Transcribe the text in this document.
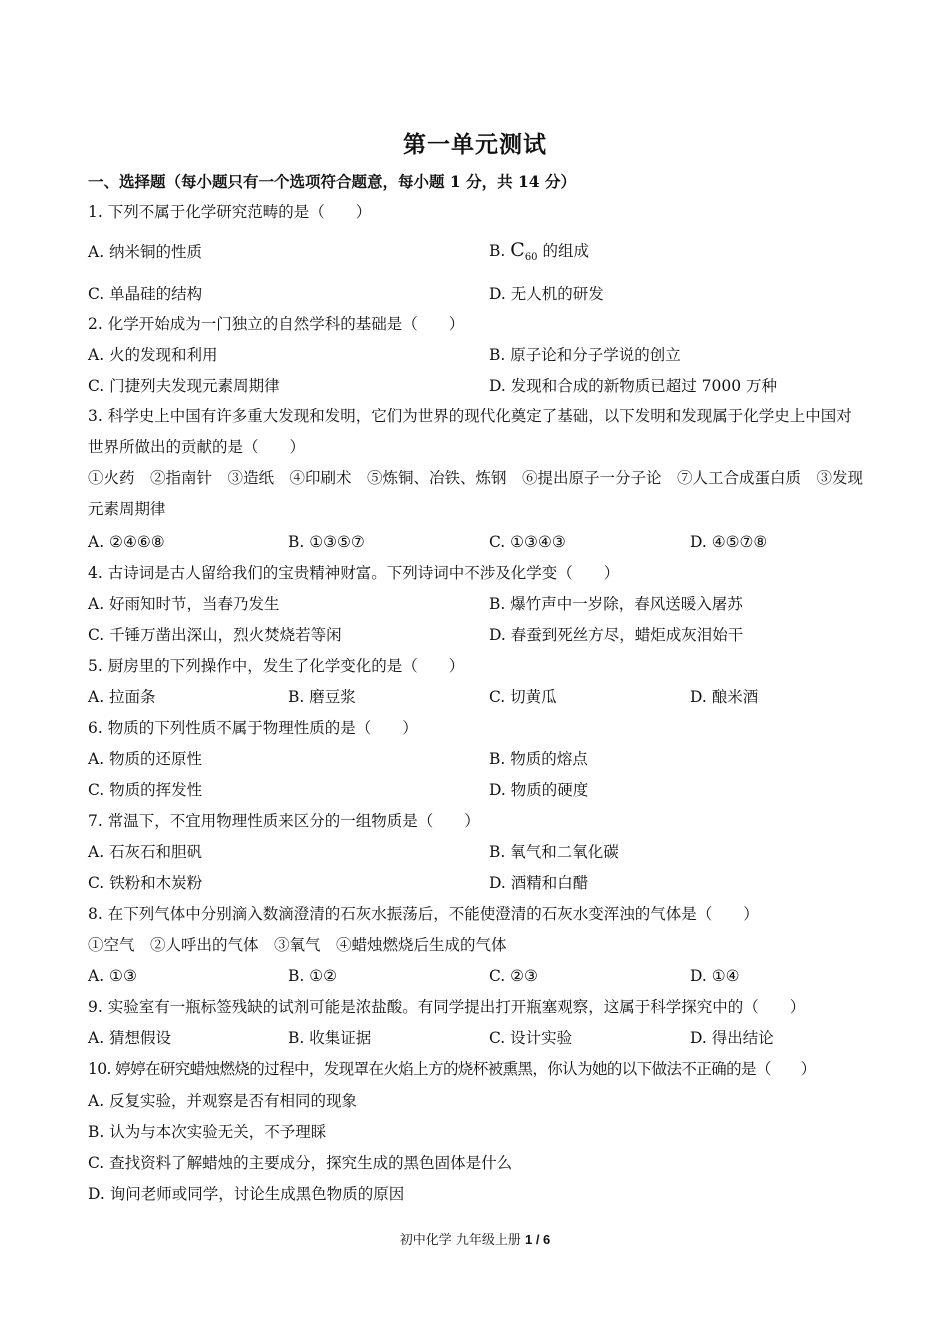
第一单元测试
一、选择题（每小题只有一个选项符合题意，每小题 1 分，共 14 分）
1. 下列不属于化学研究范畴的是（　　）
A. 纳米铜的性质	B. $C_{60}$ 的组成
C. 单晶硅的结构	D. 无人机的研发
2. 化学开始成为一门独立的自然学科的基础是（　　）
A. 火的发现和利用	B. 原子论和分子学说的创立
C. 门捷列夫发现元素周期律	D. 发现和合成的新物质已超过 7000 万种
3. 科学史上中国有许多重大发现和发明，它们为世界的现代化奠定了基础，以下发明和发现属于化学史上中国对世界所做出的贡献的是（　　）
①火药　②指南针　③造纸　④印刷术　⑤炼铜、冶铁、炼钢　⑥提出原子一分子论　⑦人工合成蛋白质　③发现元素周期律
A. ②④⑥⑧	B. ①③⑤⑦	C. ①③④③	D. ④⑤⑦⑧
4. 古诗词是古人留给我们的宝贵精神财富。下列诗词中不涉及化学变（　　）
A. 好雨知时节，当春乃发生	B. 爆竹声中一岁除，春风送暖入屠苏
C. 千锤万凿出深山，烈火焚烧若等闲	D. 春蚕到死丝方尽，蜡炬成灰泪始干
5. 厨房里的下列操作中，发生了化学变化的是（　　）
A. 拉面条	B. 磨豆浆	C. 切黄瓜	D. 酿米酒
6. 物质的下列性质不属于物理性质的是（　　）
A. 物质的还原性	B. 物质的熔点
C. 物质的挥发性	D. 物质的硬度
7. 常温下，不宜用物理性质来区分的一组物质是（　　）
A. 石灰石和胆矾	B. 氧气和二氧化碳
C. 铁粉和木炭粉	D. 酒精和白醋
8. 在下列气体中分别滴入数滴澄清的石灰水振荡后，不能使澄清的石灰水变浑浊的气体是（　　）
①空气　②人呼出的气体　③氧气　④蜡烛燃烧后生成的气体
A. ①③	B. ①②	C. ②③	D. ①④
9. 实验室有一瓶标签残缺的试剂可能是浓盐酸。有同学提出打开瓶塞观察，这属于科学探究中的（　　）
A. 猜想假设	B. 收集证据	C. 设计实验	D. 得出结论
10. 婷婷在研究蜡烛燃烧的过程中，发现罩在火焰上方的烧杯被熏黑，你认为她的以下做法不正确的是（　　）
A. 反复实验，并观察是否有相同的现象
B. 认为与本次实验无关，不予理睬
C. 查找资料了解蜡烛的主要成分，探究生成的黑色固体是什么
D. 询问老师或同学，讨论生成黑色物质的原因
初中化学 九年级上册 1 / 6
